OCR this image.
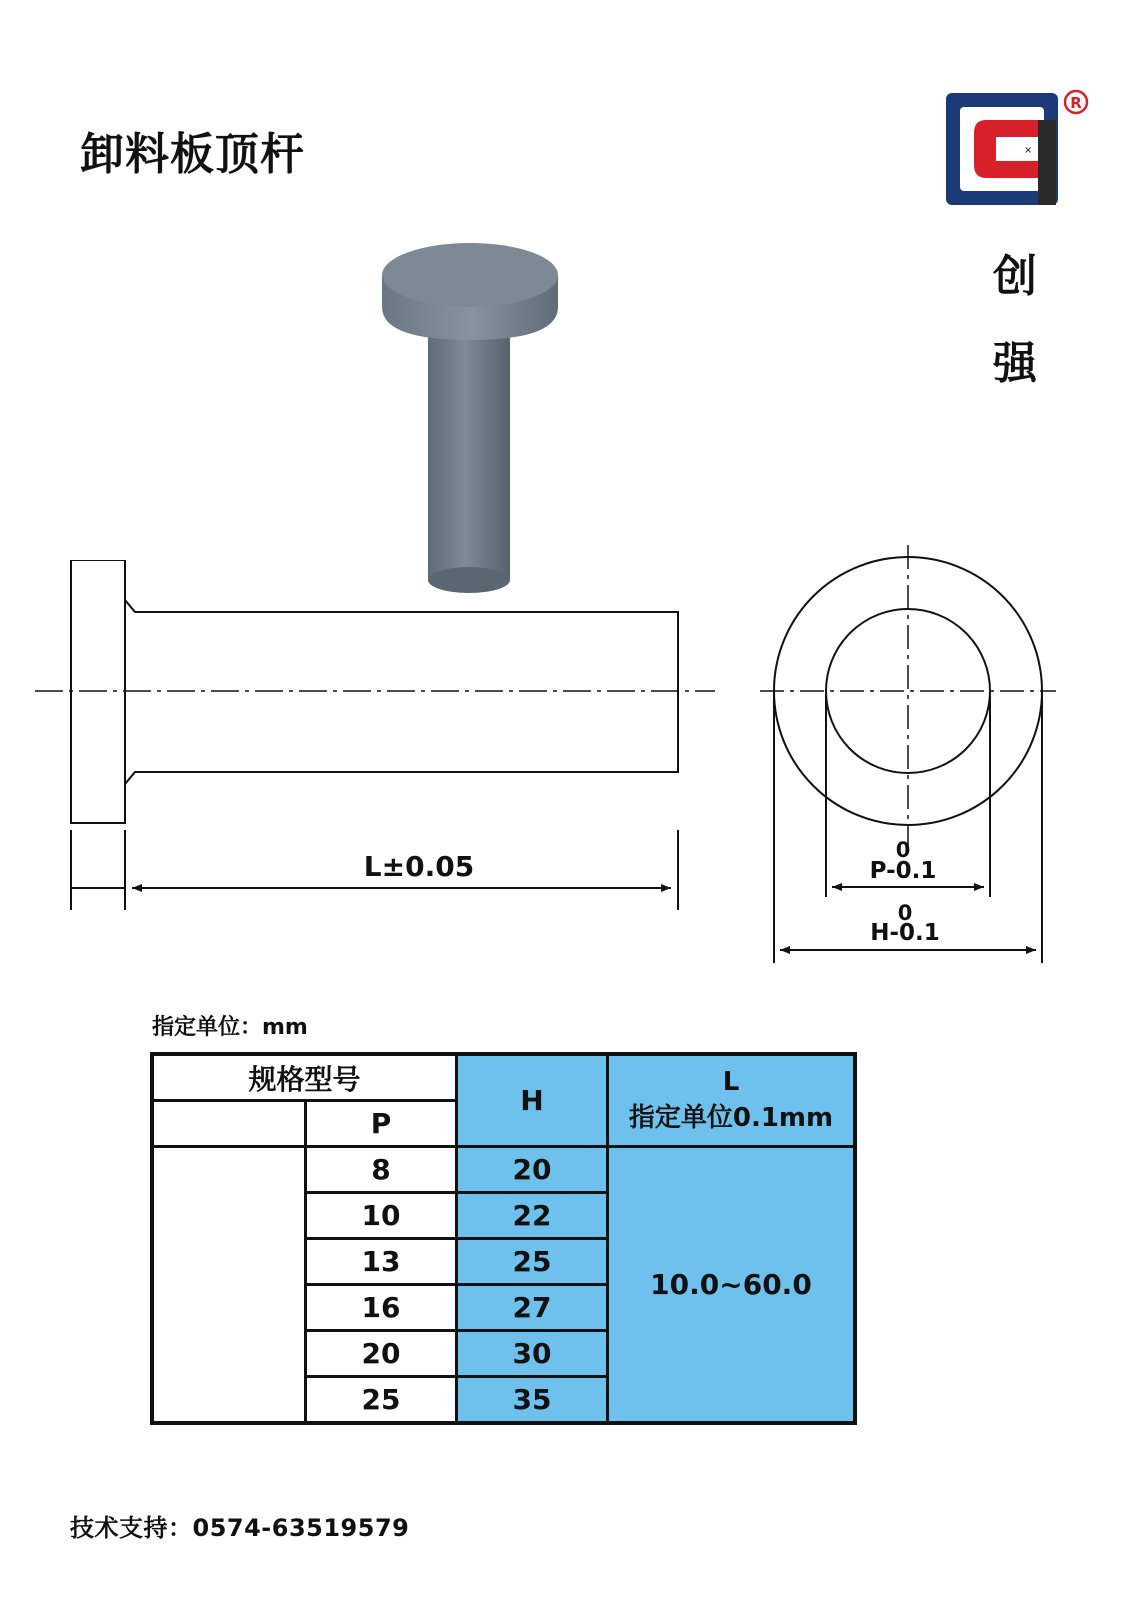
卸料板顶杆	×
R
创
强
L±0.05	0
P-0.1
0
H-0.1
指定单位：mm
规格型号		H	L
指定单位0.1mm

	P		
	8	20	10.0~60.0
	10	22	
	13	25	
	16	27	
	20	30	
	25	35	
技术支持：0574-63519579
